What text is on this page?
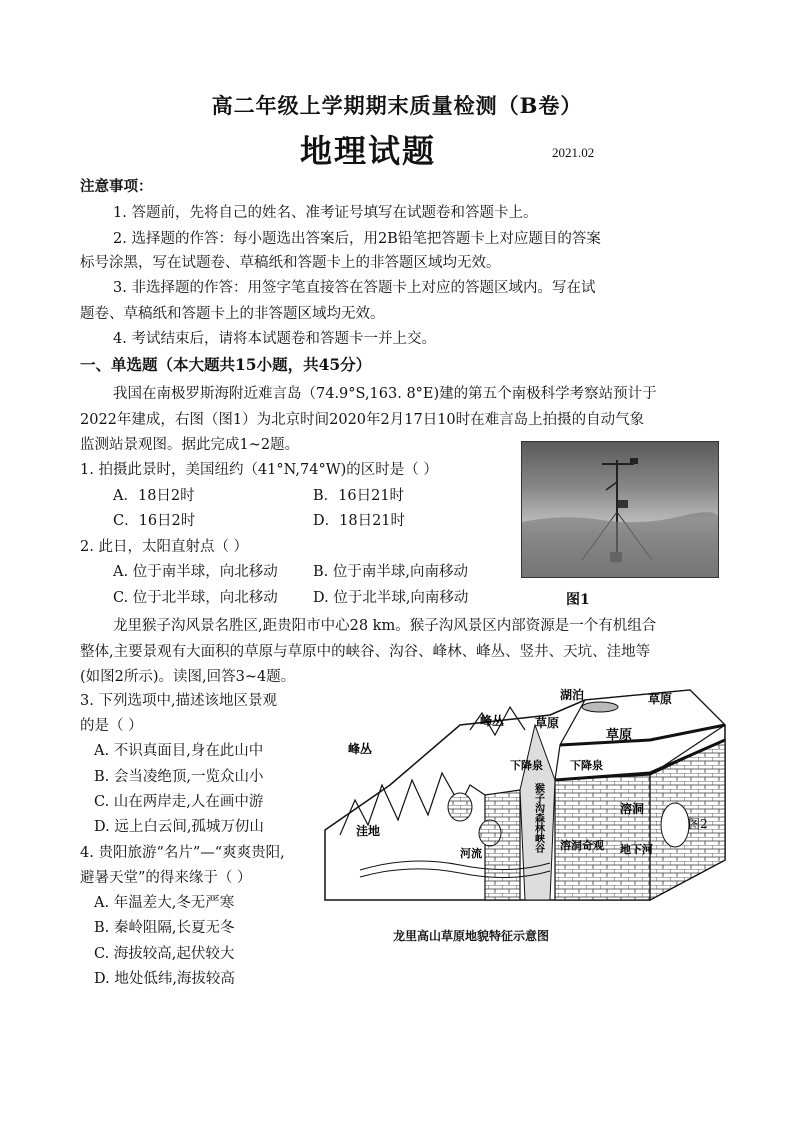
高二年级上学期期末质量检测（B卷）
地理试题	2021.02
注意事项：
1. 答题前，先将自己的姓名、准考证号填写在试题卷和答题卡上。
2. 选择题的作答：每小题选出答案后，用2B铅笔把答题卡上对应题目的答案
标号涂黑，写在试题卷、草稿纸和答题卡上的非答题区域均无效。
3. 非选择题的作答：用签字笔直接答在答题卡上对应的答题区域内。写在试
题卷、草稿纸和答题卡上的非答题区域均无效。
4. 考试结束后，请将本试题卷和答题卡一并上交。
一、单选题（本大题共15小题，共45分）
我国在南极罗斯海附近难言岛（74.9°S,163. 8°E)建的第五个南极科学考察站预计于
2022年建成，右图（图1）为北京时间2020年2月17日10时在难言岛上拍摄的自动气象
监测站景观图。据此完成1~2题。
1. 拍摄此景时，美国纽约（41°N,74°W)的区时是（ ）
A．18日2时	B．16日21时
C．16日2时	D．18日21时
2. 此日，太阳直射点（ ）
A. 位于南半球，向北移动 B. 位于南半球,向南移动
C. 位于北半球，向北移动 D. 位于北半球,向南移动	图1
龙里猴子沟风景名胜区,距贵阳市中心28 km。猴子沟风景区内部资源是一个有机组合
整体,主要景观有大面积的草原与草原中的峡谷、沟谷、峰林、峰丛、竖井、天坑、洼地等
(如图2所示)。读图,回答3~4题。
3. 下列选项中,描述该地区景观
的是（ ）
A. 不识真面目,身在此山中
B. 会当凌绝顶,一览众山小
C. 山在两岸走,人在画中游
D. 远上白云间,孤城万仞山
4. 贵阳旅游“名片”—“爽爽贵阳,
避暑天堂”的得来缘于（ ）
A. 年温差大,冬无严寒
B. 秦岭阻隔,长夏无冬
C. 海拔较高,起伏较大
D. 地处低纬,海拔较高
湖泊	草原
峰丛	草原
草原
峰丛
下降泉 下降泉
猴子沟森林峡谷	溶洞
洼地	图2
溶洞奇观 地下河
河流
龙里高山草原地貌特征示意图
